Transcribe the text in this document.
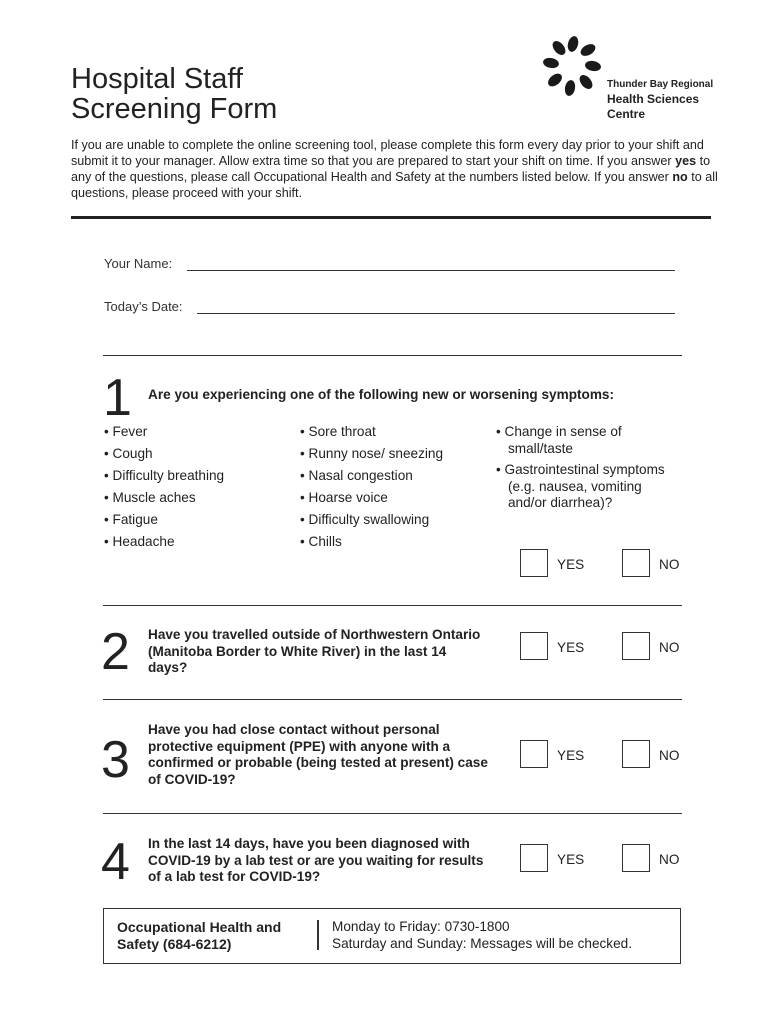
Hospital Staff
Screening Form
Thunder Bay Regional
Health Sciences
Centre
If you are unable to complete the online screening tool, please complete this form every day prior to your shift and submit it to your manager. Allow extra time so that you are prepared to start your shift on time. If you answer yes to any of the questions, please call Occupational Health and Safety at the numbers listed below. If you answer no to all questions, please proceed with your shift.
Your Name:
Today’s Date:
1 Are you experiencing one of the following new or worsening symptoms:
• Fever
• Cough
• Difficulty breathing
• Muscle aches
• Fatigue
• Headache
• Sore throat
• Runny nose/ sneezing
• Nasal congestion
• Hoarse voice
• Difficulty swallowing
• Chills
• Change in sense of small/taste
• Gastrointestinal symptoms (e.g. nausea, vomiting and/or diarrhea)?
YES	NO
2 Have you travelled outside of Northwestern Ontario (Manitoba Border to White River) in the last 14 days?
YES	NO
3
Have you had close contact without personal protective equipment (PPE) with anyone with a confirmed or probable (being tested at present) case of COVID-19?
YES	NO
4 In the last 14 days, have you been diagnosed with COVID-19 by a lab test or are you waiting for results of a lab test for COVID-19?
YES	NO
Occupational Health and Safety (684-6212)
Monday to Friday: 0730-1800
Saturday and Sunday: Messages will be checked.
